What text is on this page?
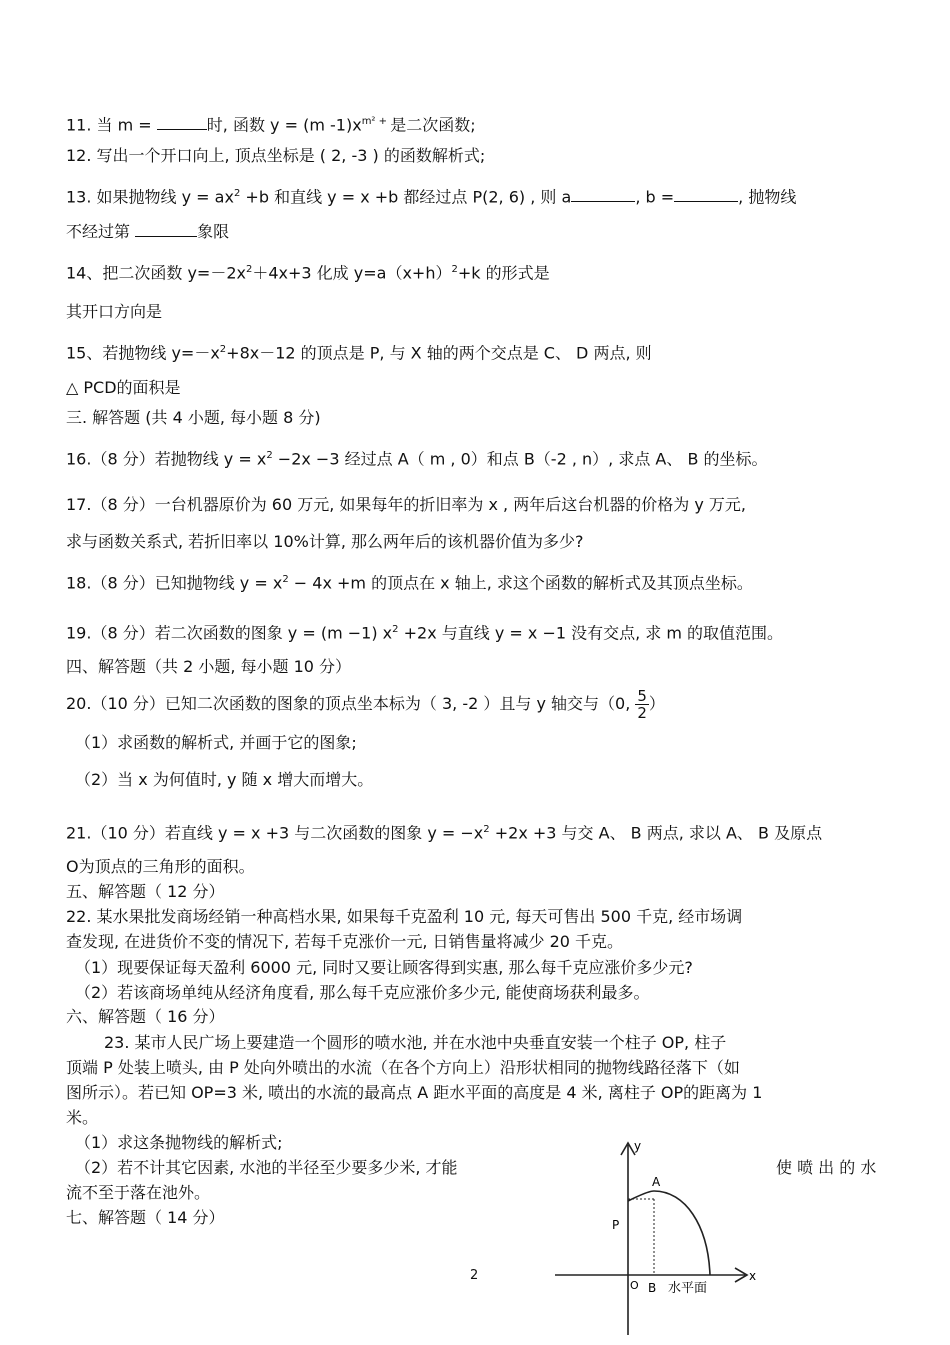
11. 当 m =	时, 函数 y = (m $-1)x^{m^2 +}$ 是二次函数;
12. 写出一个开口向上, 顶点坐标是 ( 2, -3 ) 的函数解析式;
13. 如果抛物线 $y = ax^2 +b$ 和直线 y = x +b 都经过点 P(2, 6) , 则 a	, b =	, 抛物线
不经过第	象限
14、把二次函数 $y=-2x^2+4x+3$ 化成 $y=a(x+h)^2+k$ 的形式是
其开口方向是
15、若抛物线 $y=-x^2+8x-12$ 的顶点是 P, 与 X 轴的两个交点是 C、 D 两点, 则
△ PCD的面积是
三. 解答题 (共 4 小题, 每小题 8 分)
16.（8 分）若抛物线 $y = x^2 -2x -3$ 经过点 A（ m , 0）和点 B（-2 , n）, 求点 A、 B 的坐标。
17.（8 分）一台机器原价为 60 万元, 如果每年的折旧率为 x , 两年后这台机器的价格为 y 万元,
求与函数关系式, 若折旧率以 10%计算, 那么两年后的该机器价值为多少?
18.（8 分）已知抛物线 $y = x^2 - 4x +m$ 的顶点在 x 轴上, 求这个函数的解析式及其顶点坐标。
19.（8 分）若二次函数的图象 y = (m −1) $x^2 +2x$ 与直线 y = x −1 没有交点, 求 m 的取值范围。
四、解答题（共 2 小题, 每小题 10 分）
20.（10 分）已知二次函数的图象的顶点坐本标为（ 3, -2 ）且与 y 轴交与（0, $\frac{5}{2}$ ）
（1）求函数的解析式, 并画于它的图象;
（2）当 x 为何值时, y 随 x 增大而增大。
21.（10 分）若直线 y = x +3 与二次函数的图象 $y = -x^2 +2x +3$ 与交 A、 B 两点, 求以 A、 B 及原点
O为顶点的三角形的面积。
五、解答题（ 12 分）
22. 某水果批发商场经销一种高档水果, 如果每千克盈利 10 元, 每天可售出 500 千克, 经市场调
查发现, 在进货价不变的情况下, 若每千克涨价一元, 日销售量将减少 20 千克。
（1）现要保证每天盈利 6000 元, 同时又要让顾客得到实惠, 那么每千克应涨价多少元?
（2）若该商场单纯从经济角度看, 那么每千克应涨价多少元, 能使商场获利最多。
六、解答题（ 16 分）
23. 某市人民广场上要建造一个圆形的喷水池, 并在水池中央垂直安装一个柱子 OP, 柱子
顶端 P 处装上喷头, 由 P 处向外喷出的水流（在各个方向上）沿形状相同的抛物线路径落下（如
图所示）。若已知 OP=3 米, 喷出的水流的最高点 A 距水平面的高度是 4 米, 离柱子 OP的距离为 1
米。
（1）求这条抛物线的解析式;
（2）若不计其它因素, 水池的半径至少要多少米, 才能	使 喷 出 的 水
流不至于落在池外。
七、解答题（ 14 分）
2
y
x
A
P
O B 水平面
